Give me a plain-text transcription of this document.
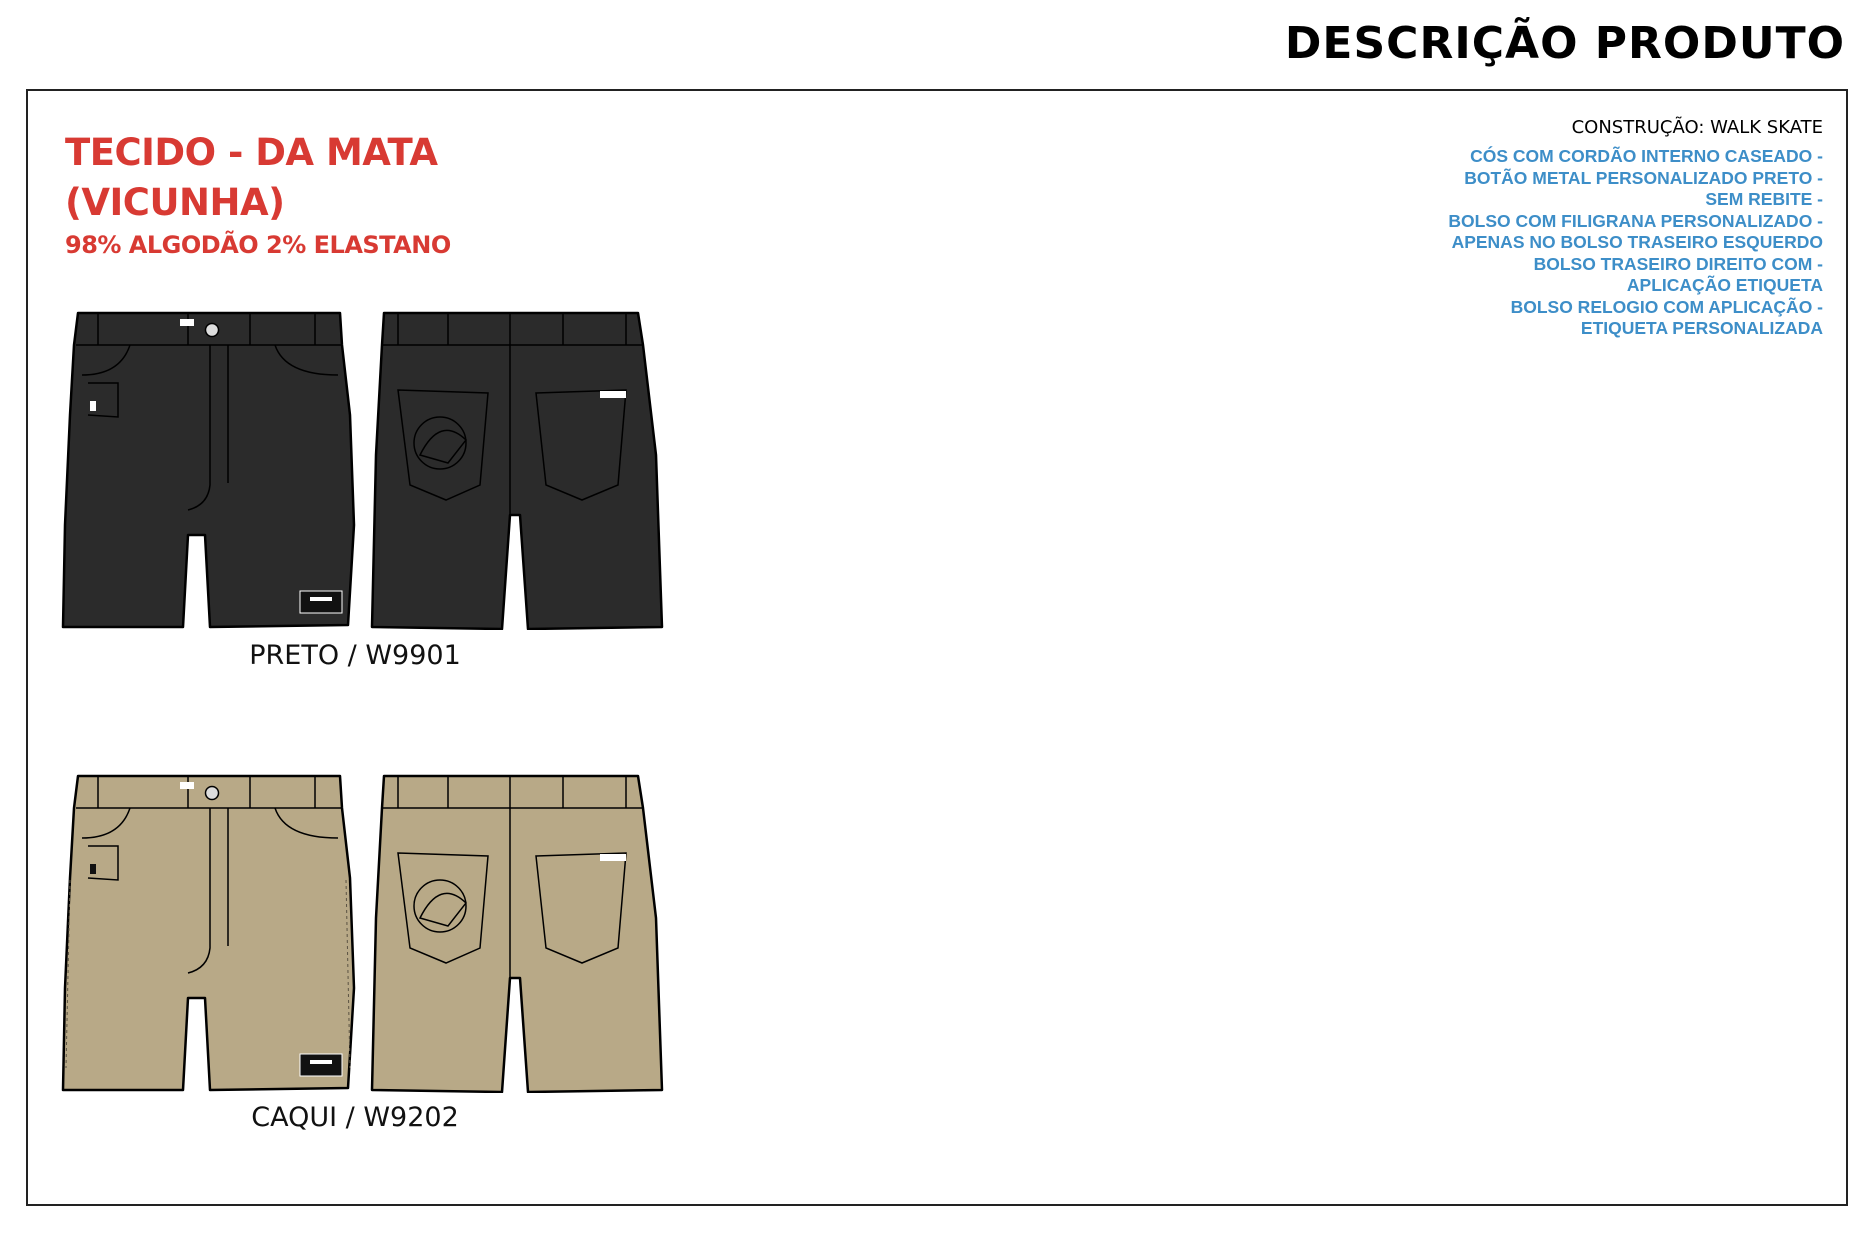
DESCRIÇÃO PRODUTO
TECIDO - DA MATA
(VICUNHA)
98% ALGODÃO 2% ELASTANO
CONSTRUÇÃO: WALK SKATE
CÓS COM CORDÃO INTERNO CASEADO -
BOTÃO METAL PERSONALIZADO PRETO -
SEM REBITE -
BOLSO COM FILIGRANA PERSONALIZADO -
APENAS NO BOLSO TRASEIRO ESQUERDO
BOLSO TRASEIRO DIREITO COM -
APLICAÇÃO ETIQUETA
BOLSO RELOGIO COM APLICAÇÃO -
ETIQUETA PERSONALIZADA
PRETO / W9901
CAQUI / W9202
